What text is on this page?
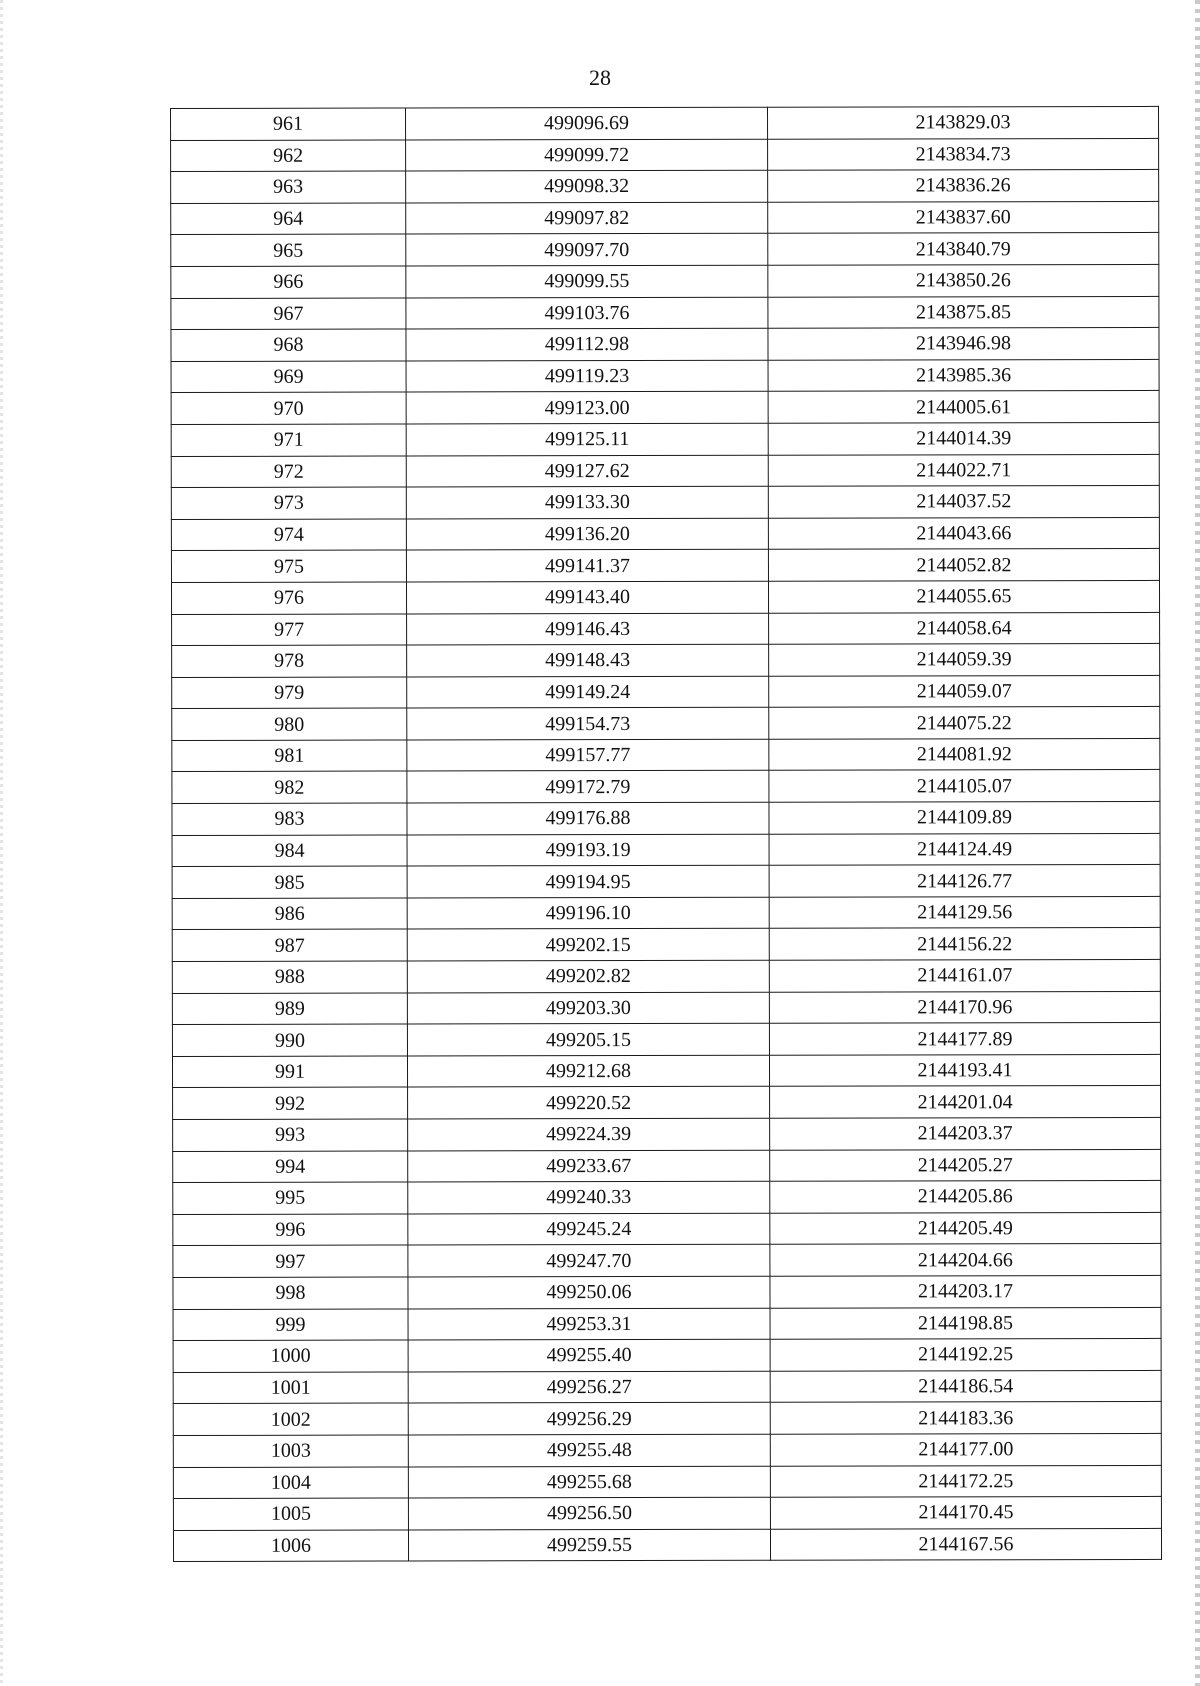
28
961	499096.69	2143829.03
962	499099.72	2143834.73
963	499098.32	2143836.26
964	499097.82	2143837.60
965	499097.70	2143840.79
966	499099.55	2143850.26
967	499103.76	2143875.85
968	499112.98	2143946.98
969	499119.23	2143985.36
970	499123.00	2144005.61
971	499125.11	2144014.39
972	499127.62	2144022.71
973	499133.30	2144037.52
974	499136.20	2144043.66
975	499141.37	2144052.82
976	499143.40	2144055.65
977	499146.43	2144058.64
978	499148.43	2144059.39
979	499149.24	2144059.07
980	499154.73	2144075.22
981	499157.77	2144081.92
982	499172.79	2144105.07
983	499176.88	2144109.89
984	499193.19	2144124.49
985	499194.95	2144126.77
986	499196.10	2144129.56
987	499202.15	2144156.22
988	499202.82	2144161.07
989	499203.30	2144170.96
990	499205.15	2144177.89
991	499212.68	2144193.41
992	499220.52	2144201.04
993	499224.39	2144203.37
994	499233.67	2144205.27
995	499240.33	2144205.86
996	499245.24	2144205.49
997	499247.70	2144204.66
998	499250.06	2144203.17
999	499253.31	2144198.85
1000	499255.40	2144192.25
1001	499256.27	2144186.54
1002	499256.29	2144183.36
1003	499255.48	2144177.00
1004	499255.68	2144172.25
1005	499256.50	2144170.45
1006	499259.55	2144167.56
